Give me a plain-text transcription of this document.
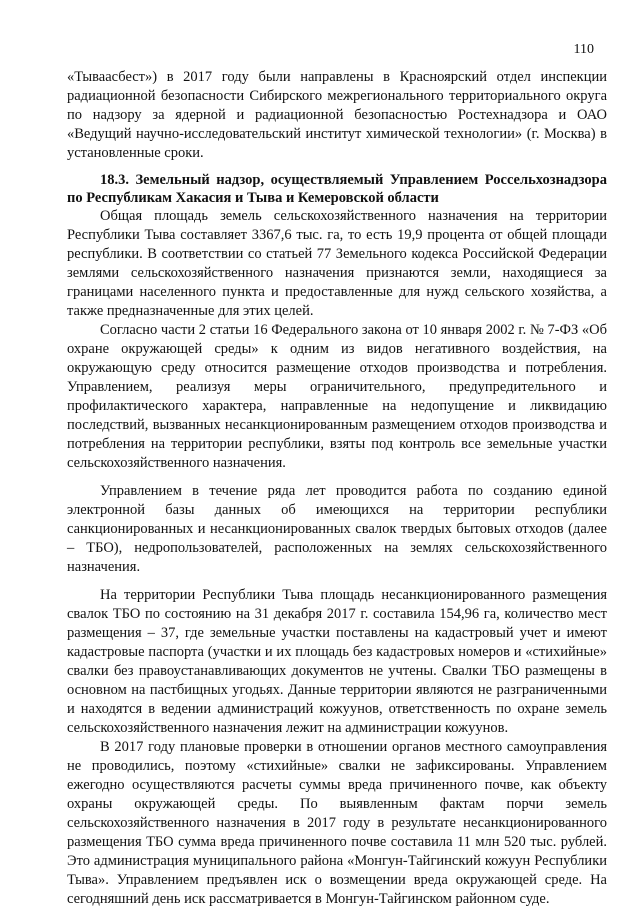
110

«Тываасбест») в 2017 году были направлены в Красноярский отдел инспекции радиационной безопасности Сибирского межрегионального территориального округа по надзору за ядерной и радиационной безопасностью Ростехнадзора и ОАО «Ведущий научно-исследовательский институт химической технологии» (г. Москва) в установленные сроки.

18.3. Земельный надзор, осуществляемый Управлением Россельхознадзора по Республикам Хакасия и Тыва и Кемеровской области

Общая площадь земель сельскохозяйственного назначения на территории Республики Тыва составляет 3367,6 тыс. га, то есть 19,9 процента от общей площади республики. В соответствии со статьей 77 Земельного кодекса Российской Федерации землями сельскохозяйственного назначения признаются земли, находящиеся за границами населенного пункта и предоставленные для нужд сельского хозяйства, а также предназначенные для этих целей.

Согласно части 2 статьи 16 Федерального закона от 10 января 2002 г. № 7-ФЗ «Об охране окружающей среды» к одним из видов негативного воздействия, на окружающую среду относится размещение отходов производства и потребления. Управлением, реализуя меры ограничительного, предупредительного и профилактического характера, направленные на недопущение и ликвидацию последствий, вызванных несанкционированным размещением отходов производства и потребления на территории республики, взяты под контроль все земельные участки сельскохозяйственного назначения.

Управлением в течение ряда лет проводится работа по созданию единой электронной базы данных об имеющихся на территории республики санкционированных и несанкционированных свалок твердых бытовых отходов (далее – ТБО), недропользователей, расположенных на землях сельскохозяйственного назначения.

На территории Республики Тыва площадь несанкционированного размещения свалок ТБО по состоянию на 31 декабря 2017 г. составила 154,96 га, количество мест размещения – 37, где земельные участки поставлены на кадастровый учет и имеют кадастровые паспорта (участки и их площадь без кадастровых номеров и «стихийные» свалки без правоустанавливающих документов не учтены. Свалки ТБО размещены в основном на пастбищных угодьях. Данные территории являются не разграниченными и находятся в ведении администраций кожуунов, ответственность по охране земель сельскохозяйственного назначения лежит на администрации кожуунов.

В 2017 году плановые проверки в отношении органов местного самоуправления не проводились, поэтому «стихийные» свалки не зафиксированы. Управлением ежегодно осуществляются расчеты суммы вреда причиненного почве, как объекту охраны окружающей среды. По выявленным фактам порчи земель сельскохозяйственного назначения в 2017 году в результате несанкционированного размещения ТБО сумма вреда причиненного почве составила 11 млн 520 тыс. рублей. Это администрация муниципального района «Монгун-Тайгинский кожуун Республики Тыва». Управлением предъявлен иск о возмещении вреда окружающей среде. На сегодняшний день иск рассматривается в Монгун-Тайгинском районном суде.
